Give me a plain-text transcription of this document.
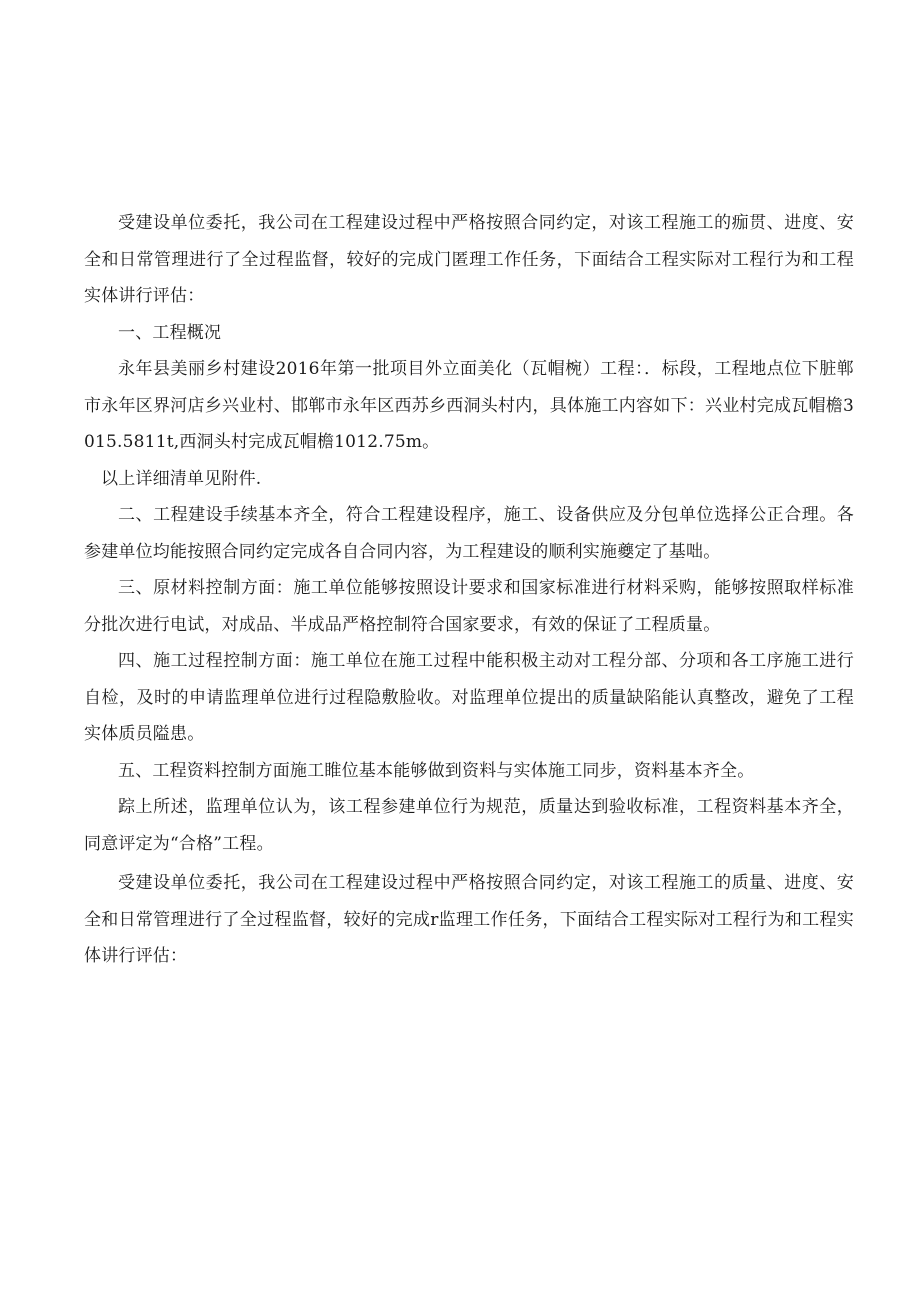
受建设单位委托，我公司在工程建设过程中严格按照合同约定，对该工程施工的痂贯、进度、安全和日常管理进行了全过程监督，较好的完成门匿理工作任务，下面结合工程实际对工程行为和工程实体讲行评估：

一、工程概况

永年县美丽乡村建设2016年第一批项目外立面美化（瓦帽椀）工程：．标段，工程地点位下脏郸市永年区界河店乡兴业村、邯郸市永年区西苏乡西洞头村内，具体施工内容如下：兴业村完成瓦帽檐3015.5811t,西洞头村完成瓦帽檐1012.75m。

以上详细清单见附件.

二、工程建设手续基本齐全，符合工程建设程序，施工、设备供应及分包单位选择公正合理。各参建单位均能按照合同约定完成各自合同内容，为工程建设的顺利实施夔定了基咄。

三、原材料控制方面：施工单位能够按照设计要求和国家标准进行材料采购，能够按照取样标准分批次进行电试，对成品、半成品严格控制符合国家要求，有效的保证了工程质量。

四、施工过程控制方面：施工单位在施工过程中能积极主动对工程分部、分项和各工序施工进行自检，及时的申请监理单位进行过程隐敷脸收。对监理单位提出的质量缺陷能认真整改，避免了工程实体质员隘患。

五、工程资料控制方面施工睢位基本能够做到资料与实体施工同步，资料基本齐全。

踪上所述，监理单位认为，该工程参建单位行为规范，质量达到验收标准，工程资料基本齐全，同意评定为“合格”工程。

受建设单位委托，我公司在工程建设过程中严格按照合同约定，对该工程施工的质量、进度、安全和日常管理进行了全过程监督，较好的完成r监理工作任务，下面结合工程实际对工程行为和工程实体讲行评估：
